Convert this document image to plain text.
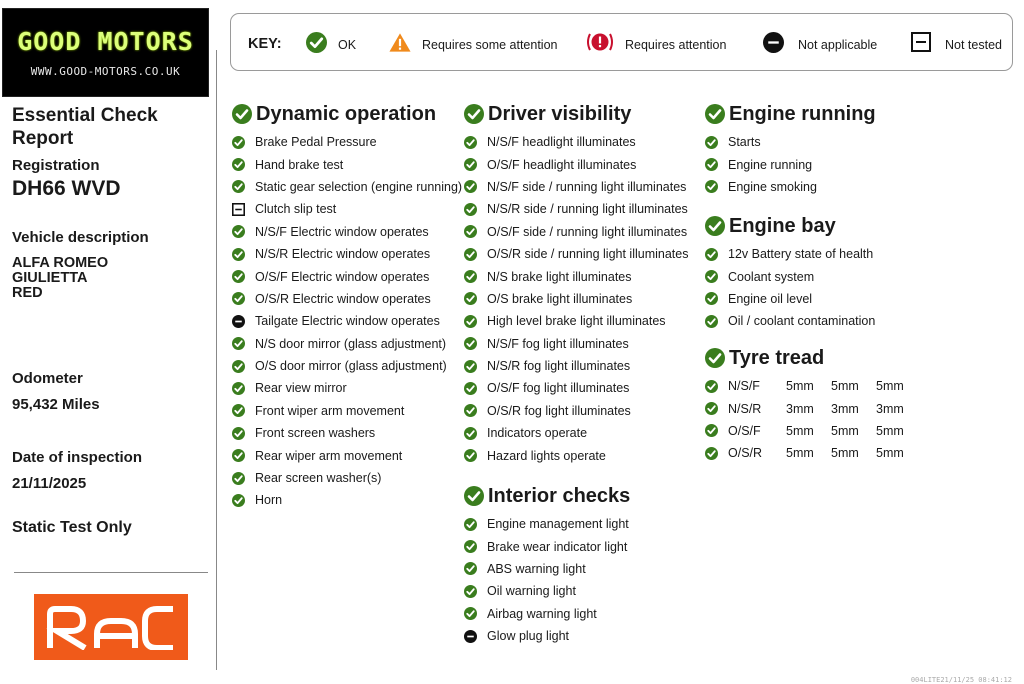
GOOD MOTORS
WWW.GOOD-MOTORS.CO.UK
Essential Check Report
Registration
DH66 WVD
Vehicle description
ALFA ROMEO
GIULIETTA
RED
Odometer
95,432 Miles
Date of inspection
21/11/2025
Static Test Only
KEY:	OK	Requires some attention	Requires attention	Not applicable	Not tested
Dynamic operation
Brake Pedal Pressure
Hand brake test
Static gear selection (engine running)
Clutch slip test
N/S/F Electric window operates
N/S/R Electric window operates
O/S/F Electric window operates
O/S/R Electric window operates
Tailgate Electric window operates
N/S door mirror (glass adjustment)
O/S door mirror (glass adjustment)
Rear view mirror
Front wiper arm movement
Front screen washers
Rear wiper arm movement
Rear screen washer(s)
Horn
Driver visibility
N/S/F headlight illuminates
O/S/F headlight illuminates
N/S/F side / running light illuminates
N/S/R side / running light illuminates
O/S/F side / running light illuminates
O/S/R side / running light illuminates
N/S brake light illuminates
O/S brake light illuminates
High level brake light illuminates
N/S/F fog light illuminates
N/S/R fog light illuminates
O/S/F fog light illuminates
O/S/R fog light illuminates
Indicators operate
Hazard lights operate
Interior checks
Engine management light
Brake wear indicator light
ABS warning light
Oil warning light
Airbag warning light
Glow plug light
Engine running
Starts
Engine running
Engine smoking
Engine bay
12v Battery state of health
Coolant system
Engine oil level
Oil / coolant contamination
Tyre tread
N/S/F	5mm	5mm	5mm
N/S/R	3mm	3mm	3mm
O/S/F	5mm	5mm	5mm
O/S/R	5mm	5mm	5mm
004LITE21/11/25 08:41:12
